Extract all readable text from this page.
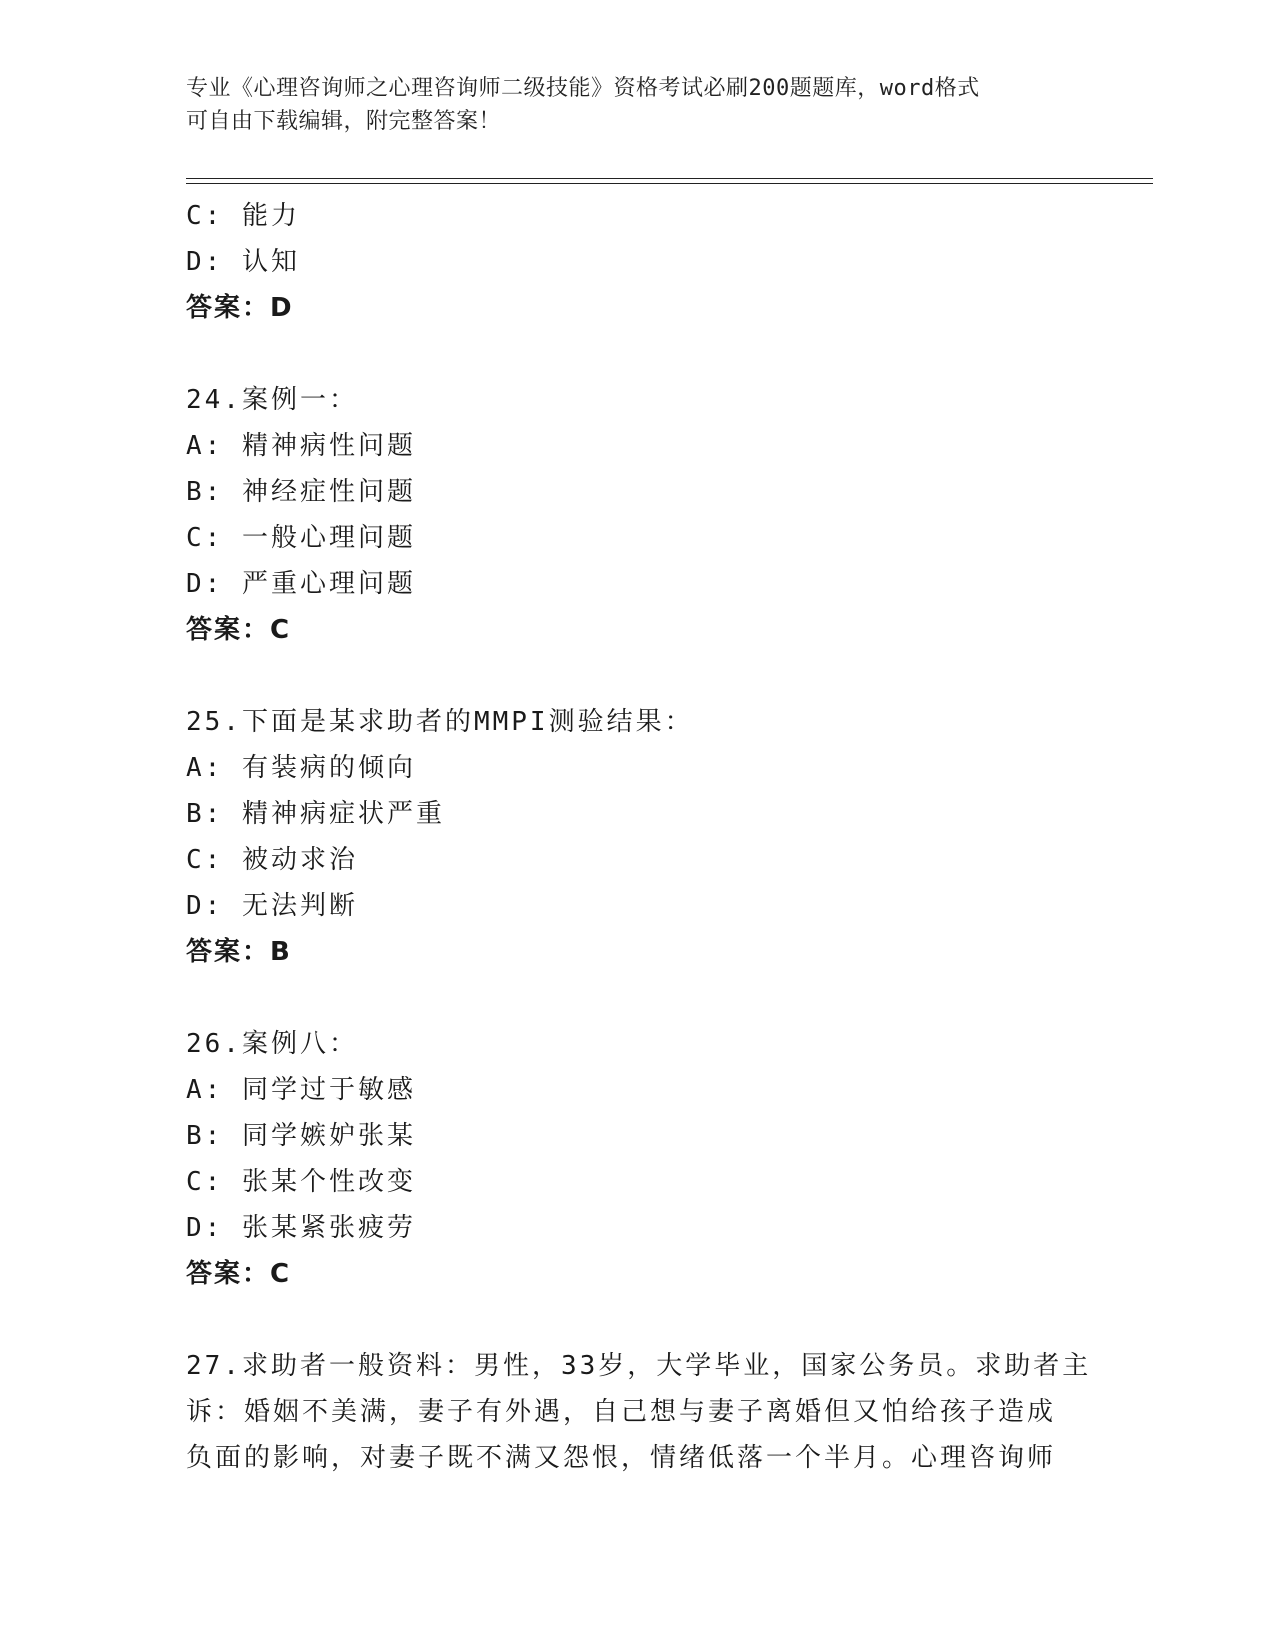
专业《心理咨询师之心理咨询师二级技能》资格考试必刷200题题库，word格式
可自由下载编辑，附完整答案！
C: 能力
D: 认知
答案：D
24.案例一：
A: 精神病性问题
B: 神经症性问题
C: 一般心理问题
D: 严重心理问题
答案：C
25.下面是某求助者的MMPI测验结果：
A: 有装病的倾向
B: 精神病症状严重
C: 被动求治
D: 无法判断
答案：B
26.案例八：
A: 同学过于敏感
B: 同学嫉妒张某
C: 张某个性改变
D: 张某紧张疲劳
答案：C
27.求助者一般资料：男性，33岁，大学毕业，国家公务员。求助者主
诉：婚姻不美满，妻子有外遇，自己想与妻子离婚但又怕给孩子造成
负面的影响，对妻子既不满又怨恨，情绪低落一个半月。心理咨询师
